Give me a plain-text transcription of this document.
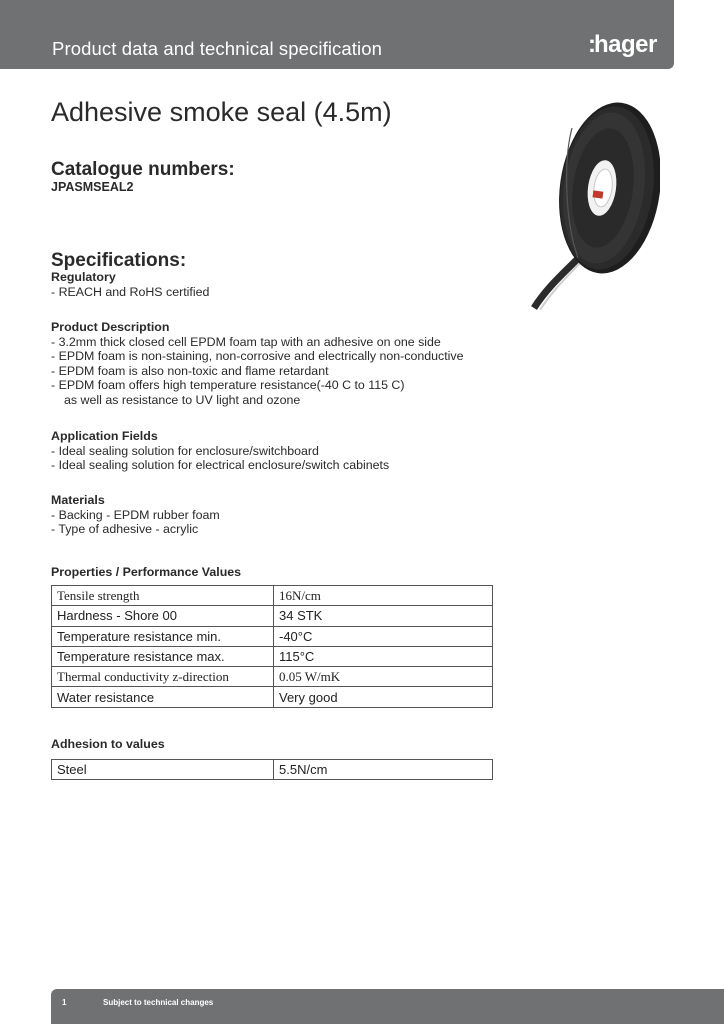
Product data and technical specification	:hager
Adhesive smoke seal (4.5m)
Catalogue numbers:
JPASMSEAL2
Specifications:
Regulatory
- REACH and RoHS certified
Product Description
- 3.2mm thick closed cell EPDM foam tap with an adhesive on one side
- EPDM foam is non-staining, non-corrosive and electrically non-conductive
- EPDM foam is also non-toxic and flame retardant
- EPDM foam offers high temperature resistance(-40 C to 115 C)
as well as resistance to UV light and ozone
Application Fields
- Ideal sealing solution for enclosure/switchboard
- Ideal sealing solution for electrical enclosure/switch cabinets
Materials
- Backing - EPDM rubber foam
- Type of adhesive - acrylic
Properties / Performance Values
Tensile strength	16N/cm
Hardness - Shore 00	34 STK
Temperature resistance min.	-40°C
Temperature resistance max.	115°C
Thermal conductivity z-direction	0.05 W/mK
Water resistance	Very good
Adhesion to values
Steel	5.5N/cm
1	Subject to technical changes
